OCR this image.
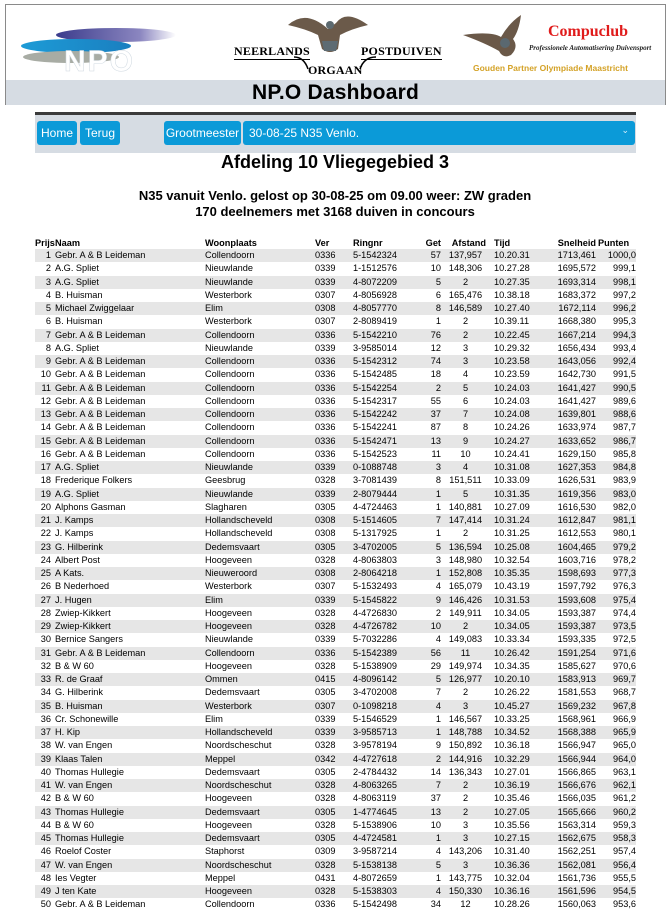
NPO	NEERLANDS	POSTDUIVEN
ORGAAN
Compuclub
Professionele Automatisering Duivensport
Gouden Partner Olympiade Maastricht
NP.O Dashboard
Home Terug	Grootmeester 30-08-25 N35 Venlo.	⌄
Afdeling 10 Vliegegebied 3
N35 vanuit Venlo. gelost op 30-08-25 om 09.00 weer: ZW graden
170 deelnemers met 3168 duiven in concours
Prijs	Naam	Woonplaats	Ver	Ringnr	Get	Afstand	Tijd	Snelheid	Punten
1	Gebr. A & B Leideman	Collendoorn	0336	5-1542324	57	137,957	10.20.31	1713,461	1000,0
2	A.G. Spliet	Nieuwlande	0339	1-1512576	10	148,306	10.27.28	1695,572	999,1
3	A.G. Spliet	Nieuwlande	0339	4-8072209	5	2	10.27.35	1693,314	998,1
4	B. Huisman	Westerbork	0307	4-8056928	6	165,476	10.38.18	1683,372	997,2
5	Michael Zwiggelaar	Elim	0308	4-8057770	8	146,589	10.27.40	1672,114	996,2
6	B. Huisman	Westerbork	0307	2-8089419	1	2	10.39.11	1668,380	995,3
7	Gebr. A & B Leideman	Collendoorn	0336	5-1542210	76	2	10.22.45	1667,214	994,3
8	A.G. Spliet	Nieuwlande	0339	3-9585014	12	3	10.29.32	1656,434	993,4
9	Gebr. A & B Leideman	Collendoorn	0336	5-1542312	74	3	10.23.58	1643,056	992,4
10	Gebr. A & B Leideman	Collendoorn	0336	5-1542485	18	4	10.23.59	1642,730	991,5
11	Gebr. A & B Leideman	Collendoorn	0336	5-1542254	2	5	10.24.03	1641,427	990,5
12	Gebr. A & B Leideman	Collendoorn	0336	5-1542317	55	6	10.24.03	1641,427	989,6
13	Gebr. A & B Leideman	Collendoorn	0336	5-1542242	37	7	10.24.08	1639,801	988,6
14	Gebr. A & B Leideman	Collendoorn	0336	5-1542241	87	8	10.24.26	1633,974	987,7
15	Gebr. A & B Leideman	Collendoorn	0336	5-1542471	13	9	10.24.27	1633,652	986,7
16	Gebr. A & B Leideman	Collendoorn	0336	5-1542523	11	10	10.24.41	1629,150	985,8
17	A.G. Spliet	Nieuwlande	0339	0-1088748	3	4	10.31.08	1627,353	984,8
18	Frederique Folkers	Geesbrug	0328	3-7081439	8	151,511	10.33.09	1626,531	983,9
19	A.G. Spliet	Nieuwlande	0339	2-8079444	1	5	10.31.35	1619,356	983,0
20	Alphons Gasman	Slagharen	0305	4-4724463	1	140,881	10.27.09	1616,530	982,0
21	J. Kamps	Hollandscheveld	0308	5-1514605	7	147,414	10.31.24	1612,847	981,1
22	J. Kamps	Hollandscheveld	0308	5-1317925	1	2	10.31.25	1612,553	980,1
23	G. Hilberink	Dedemsvaart	0305	3-4702005	5	136,594	10.25.08	1604,465	979,2
24	Albert Post	Hoogeveen	0328	4-8063803	3	148,980	10.32.54	1603,716	978,2
25	A Kats.	Nieuweroord	0308	2-8064218	1	152,808	10.35.35	1598,693	977,3
26	B Nederhoed	Westerbork	0307	5-1532493	4	165,079	10.43.19	1597,792	976,3
27	J. Hugen	Elim	0339	5-1545822	9	146,426	10.31.53	1593,608	975,4
28	Zwiep-Kikkert	Hoogeveen	0328	4-4726830	2	149,911	10.34.05	1593,387	974,4
29	Zwiep-Kikkert	Hoogeveen	0328	4-4726782	10	2	10.34.05	1593,387	973,5
30	Bernice Sangers	Nieuwlande	0339	5-7032286	4	149,083	10.33.34	1593,335	972,5
31	Gebr. A & B Leideman	Collendoorn	0336	5-1542389	56	11	10.26.42	1591,254	971,6
32	B & W 60	Hoogeveen	0328	5-1538909	29	149,974	10.34.35	1585,627	970,6
33	R. de Graaf	Ommen	0415	4-8096142	5	126,977	10.20.10	1583,913	969,7
34	G. Hilberink	Dedemsvaart	0305	3-4702008	7	2	10.26.22	1581,553	968,7
35	B. Huisman	Westerbork	0307	0-1098218	4	3	10.45.27	1569,232	967,8
36	Cr. Schonewille	Elim	0339	5-1546529	1	146,567	10.33.25	1568,961	966,9
37	H. Kip	Hollandscheveld	0339	3-9585713	1	148,788	10.34.52	1568,388	965,9
38	W. van Engen	Noordscheschut	0328	3-9578194	9	150,892	10.36.18	1566,947	965,0
39	Klaas Talen	Meppel	0342	4-4727618	2	144,916	10.32.29	1566,944	964,0
40	Thomas Hullegie	Dedemsvaart	0305	2-4784432	14	136,343	10.27.01	1566,865	963,1
41	W. van Engen	Noordscheschut	0328	4-8063265	7	2	10.36.19	1566,676	962,1
42	B & W 60	Hoogeveen	0328	4-8063119	37	2	10.35.46	1566,035	961,2
43	Thomas Hullegie	Dedemsvaart	0305	1-4774645	13	2	10.27.05	1565,666	960,2
44	B & W 60	Hoogeveen	0328	5-1538906	10	3	10.35.56	1563,314	959,3
45	Thomas Hullegie	Dedemsvaart	0305	4-4724581	1	3	10.27.15	1562,675	958,3
46	Roelof Coster	Staphorst	0309	3-9587214	4	143,206	10.31.40	1562,251	957,4
47	W. van Engen	Noordscheschut	0328	5-1538138	5	3	10.36.36	1562,081	956,4
48	Ies Vegter	Meppel	0431	4-8072659	1	143,775	10.32.04	1561,736	955,5
49	J ten Kate	Hoogeveen	0328	5-1538303	4	150,330	10.36.16	1561,596	954,5
50	Gebr. A & B Leideman	Collendoorn	0336	5-1542498	34	12	10.28.26	1560,063	953,6
